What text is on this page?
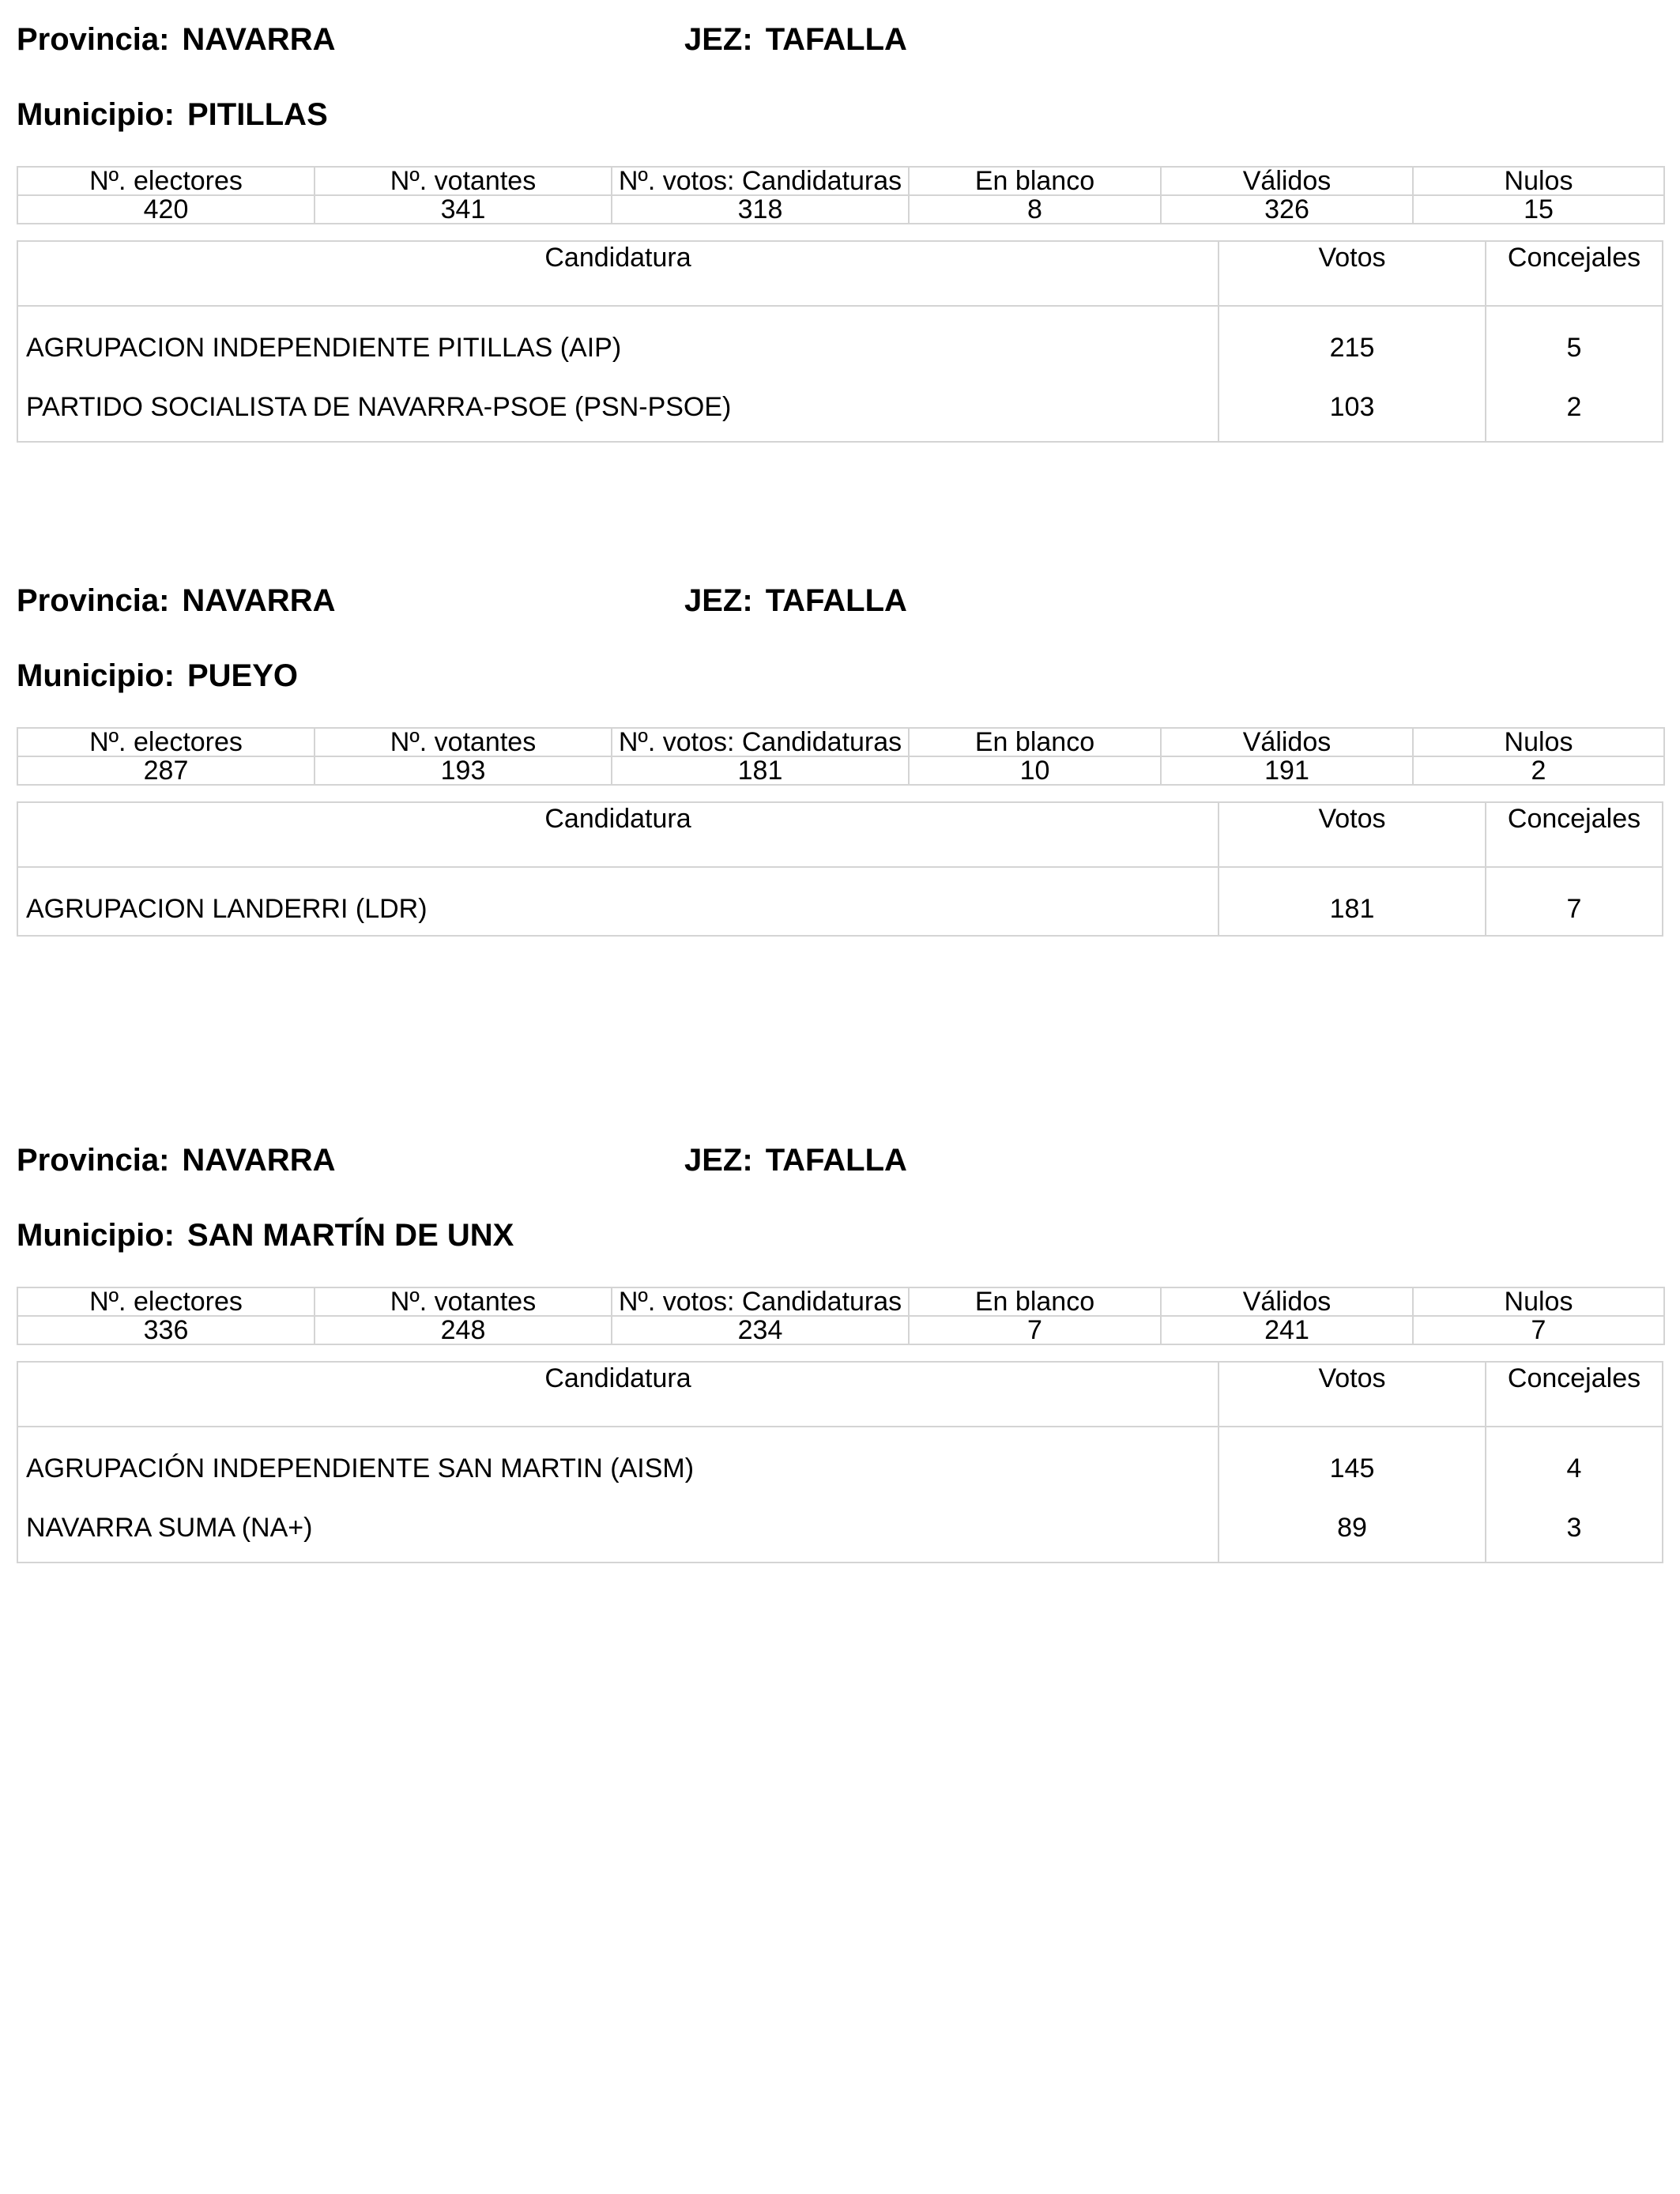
Provincia: NAVARRA	JEZ: TAFALLA
Municipio: PITILLAS
Nº. electores	Nº. votantes	Nº. votos: Candidaturas	En blanco	Válidos	Nulos
420	341	318	8	326	15
Candidatura	Votos	Concejales
AGRUPACION INDEPENDIENTE PITILLAS (AIP)	215	5
PARTIDO SOCIALISTA DE NAVARRA-PSOE (PSN-PSOE)	103	2
Provincia: NAVARRA	JEZ: TAFALLA
Municipio: PUEYO
Nº. electores	Nº. votantes	Nº. votos: Candidaturas	En blanco	Válidos	Nulos
287	193	181	10	191	2
Candidatura	Votos	Concejales
AGRUPACION LANDERRI (LDR)	181	7
Provincia: NAVARRA	JEZ: TAFALLA
Municipio: SAN MARTÍN DE UNX
Nº. electores	Nº. votantes	Nº. votos: Candidaturas	En blanco	Válidos	Nulos
336	248	234	7	241	7
Candidatura	Votos	Concejales
AGRUPACIÓN INDEPENDIENTE SAN MARTIN (AISM)	145	4
NAVARRA SUMA (NA+)	89	3
